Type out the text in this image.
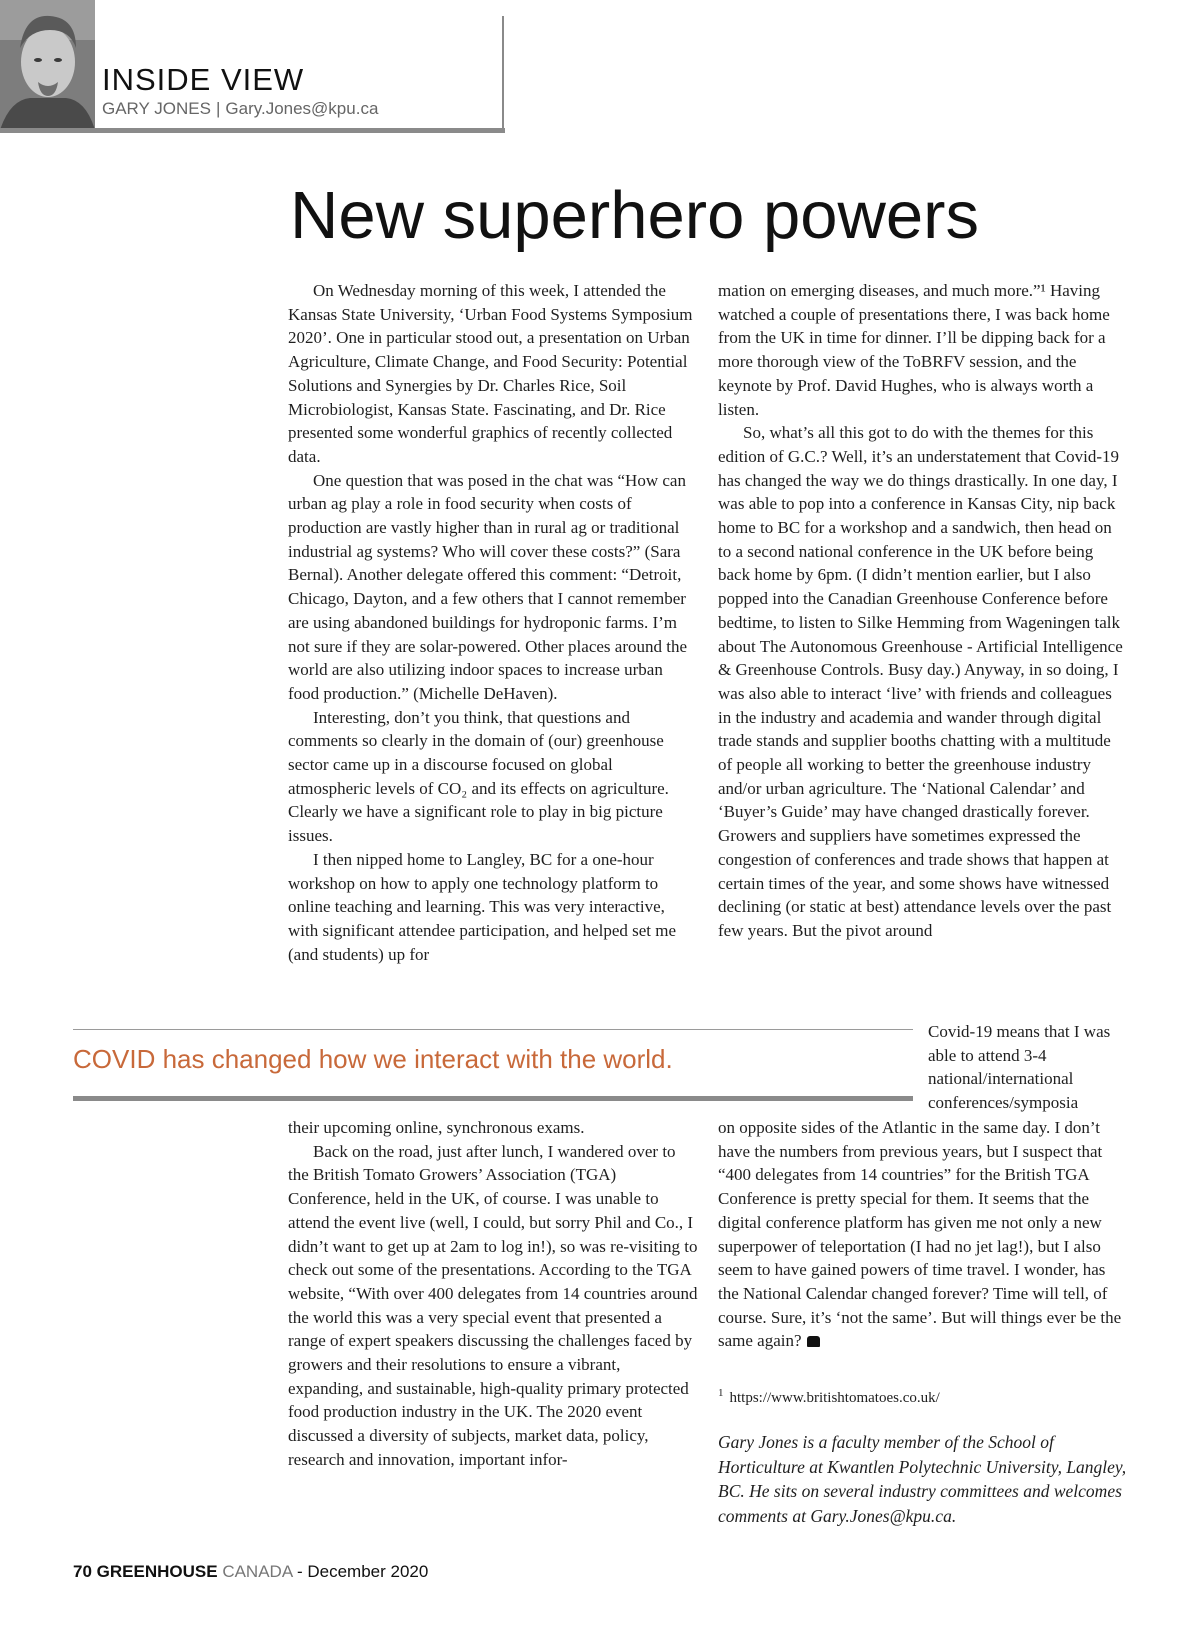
INSIDE VIEW
GARY JONES | Gary.Jones@kpu.ca
New superhero powers

On Wednesday morning of this week, I attended the Kansas State University, ‘Urban Food Systems Symposium 2020’. One in particular stood out, a presentation on Urban Agriculture, Climate Change, and Food Security: Potential Solutions and Synergies by Dr. Charles Rice, Soil Microbiologist, Kansas State. Fascinating, and Dr. Rice presented some wonderful graphics of recently collected data.

One question that was posed in the chat was “How can urban ag play a role in food security when costs of production are vastly higher than in rural ag or traditional industrial ag systems? Who will cover these costs?” (Sara Bernal). Another delegate offered this comment: “Detroit, Chicago, Dayton, and a few others that I cannot remember are using abandoned buildings for hydroponic farms. I’m not sure if they are solar-powered. Other places around the world are also utilizing indoor spaces to increase urban food production.” (Michelle DeHaven).

Interesting, don’t you think, that questions and comments so clearly in the domain of (our) greenhouse sector came up in a discourse focused on global atmospheric levels of CO₂ and its effects on agriculture. Clearly we have a significant role to play in big picture issues.

I then nipped home to Langley, BC for a one-hour workshop on how to apply one technology platform to online teaching and learning. This was very interactive, with significant attendee participation, and helped set me (and students) up for

mation on emerging diseases, and much more.”¹ Having watched a couple of presentations there, I was back home from the UK in time for dinner. I’ll be dipping back for a more thorough view of the ToBRFV session, and the keynote by Prof. David Hughes, who is always worth a listen.

So, what’s all this got to do with the themes for this edition of G.C.? Well, it’s an understatement that Covid-19 has changed the way we do things drastically. In one day, I was able to pop into a conference in Kansas City, nip back home to BC for a workshop and a sandwich, then head on to a second national conference in the UK before being back home by 6pm. (I didn’t mention earlier, but I also popped into the Canadian Greenhouse Conference before bedtime, to listen to Silke Hemming from Wageningen talk about The Autonomous Greenhouse - Artificial Intelligence & Greenhouse Controls. Busy day.) Anyway, in so doing, I was also able to interact ‘live’ with friends and colleagues in the industry and academia and wander through digital trade stands and supplier booths chatting with a multitude of people all working to better the greenhouse industry and/or urban agriculture. The ‘National Calendar’ and ‘Buyer’s Guide’ may have changed drastically forever. Growers and suppliers have sometimes expressed the congestion of conferences and trade shows that happen at certain times of the year, and some shows have witnessed declining (or static at best) attendance levels over the past few years. But the pivot around

Covid-19 means that I was able to attend 3-4 national/international conferences/symposia
COVID has changed how we interact with the world.

their upcoming online, synchronous exams.

Back on the road, just after lunch, I wandered over to the British Tomato Growers’ Association (TGA) Conference, held in the UK, of course. I was unable to attend the event live (well, I could, but sorry Phil and Co., I didn’t want to get up at 2am to log in!), so was re-visiting to check out some of the presentations. According to the TGA website, “With over 400 delegates from 14 countries around the world this was a very special event that presented a range of expert speakers discussing the challenges faced by growers and their resolutions to ensure a vibrant, expanding, and sustainable, high-quality primary protected food production industry in the UK. The 2020 event discussed a diversity of subjects, market data, policy, research and innovation, important infor-

on opposite sides of the Atlantic in the same day. I don’t have the numbers from previous years, but I suspect that “400 delegates from 14 countries” for the British TGA Conference is pretty special for them. It seems that the digital conference platform has given me not only a new superpower of teleportation (I had no jet lag!), but I also seem to have gained powers of time travel. I wonder, has the National Calendar changed forever? Time will tell, of course. Sure, it’s ‘not the same’. But will things ever be the same again?

$^1$ https://www.britishtomatoes.co.uk/

Gary Jones is a faculty member of the School of Horticulture at Kwantlen Polytechnic University, Langley, BC. He sits on several industry committees and welcomes comments at Gary.Jones@kpu.ca.

70 GREENHOUSE CANADA - December 2020
